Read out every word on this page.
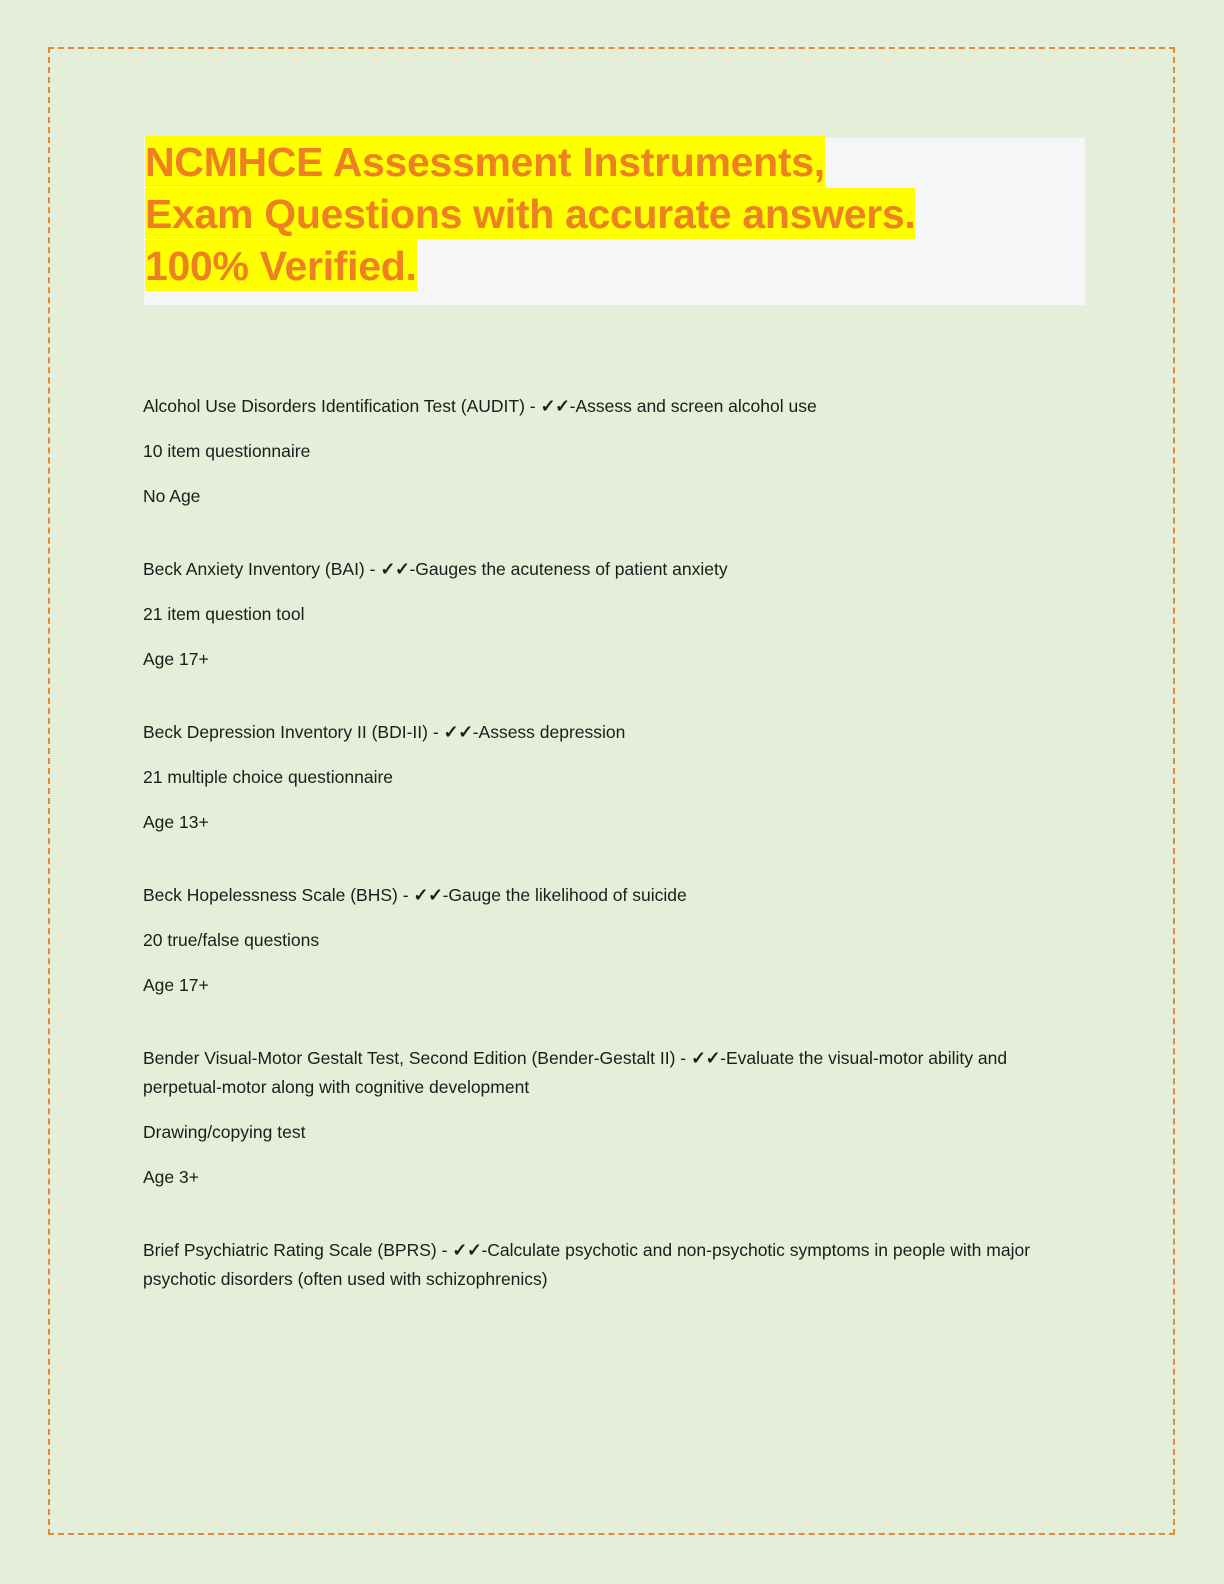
NCMHCE Assessment Instruments,
Exam Questions with accurate answers.
100% Verified.

Alcohol Use Disorders Identification Test (AUDIT) - ✓✓-Assess and screen alcohol use

10 item questionnaire

No Age

Beck Anxiety Inventory (BAI) - ✓✓-Gauges the acuteness of patient anxiety

21 item question tool

Age 17+

Beck Depression Inventory II (BDI-II) - ✓✓-Assess depression

21 multiple choice questionnaire

Age 13+

Beck Hopelessness Scale (BHS) - ✓✓-Gauge the likelihood of suicide

20 true/false questions

Age 17+

Bender Visual-Motor Gestalt Test, Second Edition (Bender-Gestalt II) - ✓✓-Evaluate the visual-motor ability and perpetual-motor along with cognitive development

Drawing/copying test

Age 3+

Brief Psychiatric Rating Scale (BPRS) - ✓✓-Calculate psychotic and non-psychotic symptoms in people with major psychotic disorders (often used with schizophrenics)
